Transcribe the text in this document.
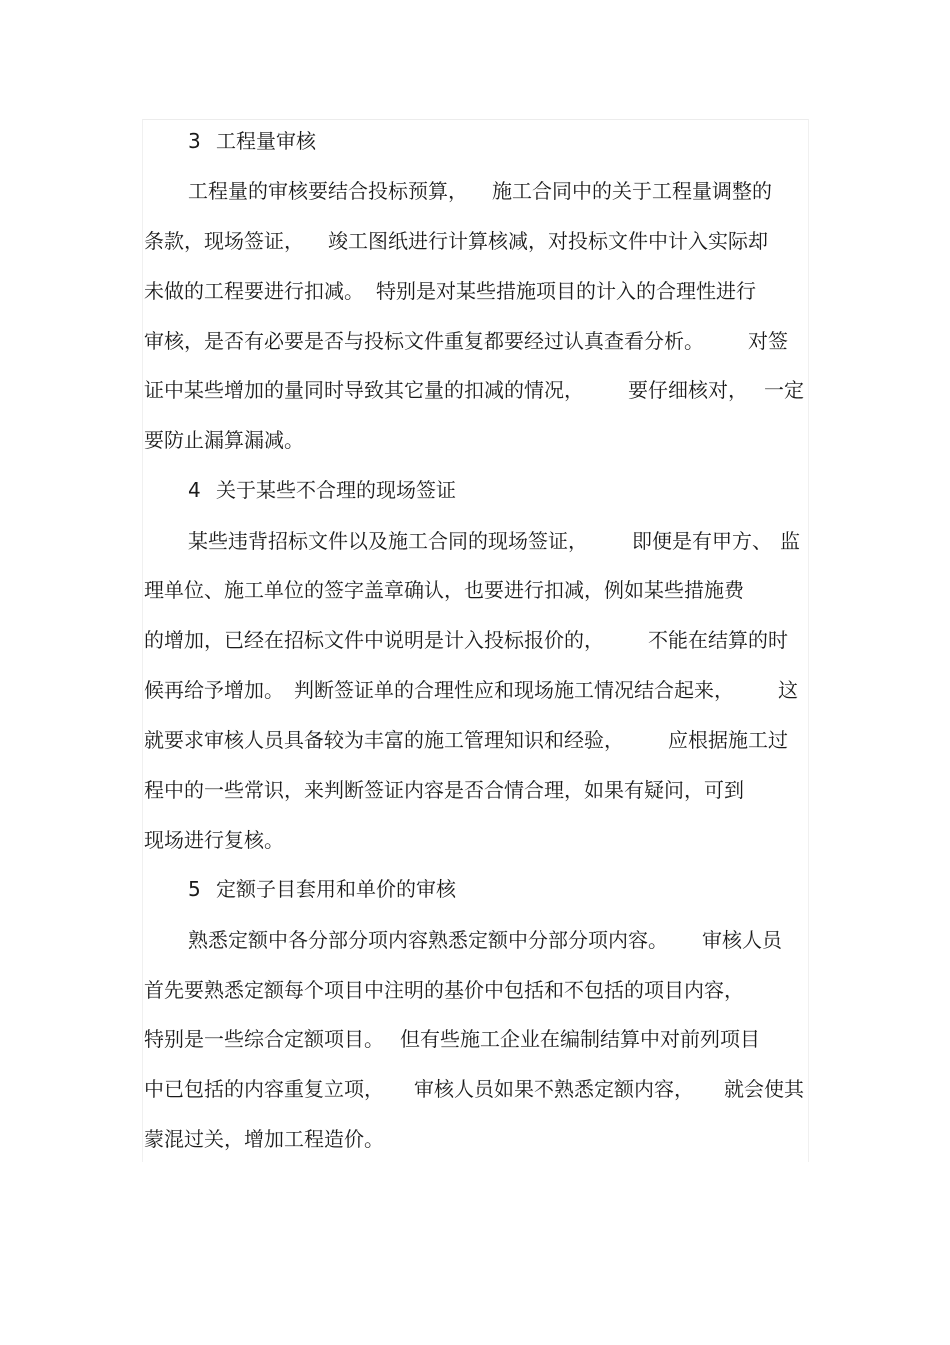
3 工程量审核
工程量的审核要结合投标预算， 施工合同中的关于工程量调整的
条款，现场签证， 竣工图纸进行计算核减，对投标文件中计入实际却
未做的工程要进行扣减。 特别是对某些措施项目的计入的合理性进行
审核，是否有必要是否与投标文件重复都要经过认真查看分析。 对签
证中某些增加的量同时导致其它量的扣减的情况， 要仔细核对， 一定
要防止漏算漏减。
4 关于某些不合理的现场签证
某些违背招标文件以及施工合同的现场签证， 即便是有甲方、 监
理单位、施工单位的签字盖章确认，也要进行扣减，例如某些措施费
的增加，已经在招标文件中说明是计入投标报价的， 不能在结算的时
候再给予增加。 判断签证单的合理性应和现场施工情况结合起来， 这
就要求审核人员具备较为丰富的施工管理知识和经验， 应根据施工过
程中的一些常识，来判断签证内容是否合情合理，如果有疑问，可到
现场进行复核。
5 定额子目套用和单价的审核
熟悉定额中各分部分项内容熟悉定额中分部分项内容。 审核人员
首先要熟悉定额每个项目中注明的基价中包括和不包括的项目内容，
特别是一些综合定额项目。 但有些施工企业在编制结算中对前列项目
中已包括的内容重复立项， 审核人员如果不熟悉定额内容， 就会使其
蒙混过关，增加工程造价。
